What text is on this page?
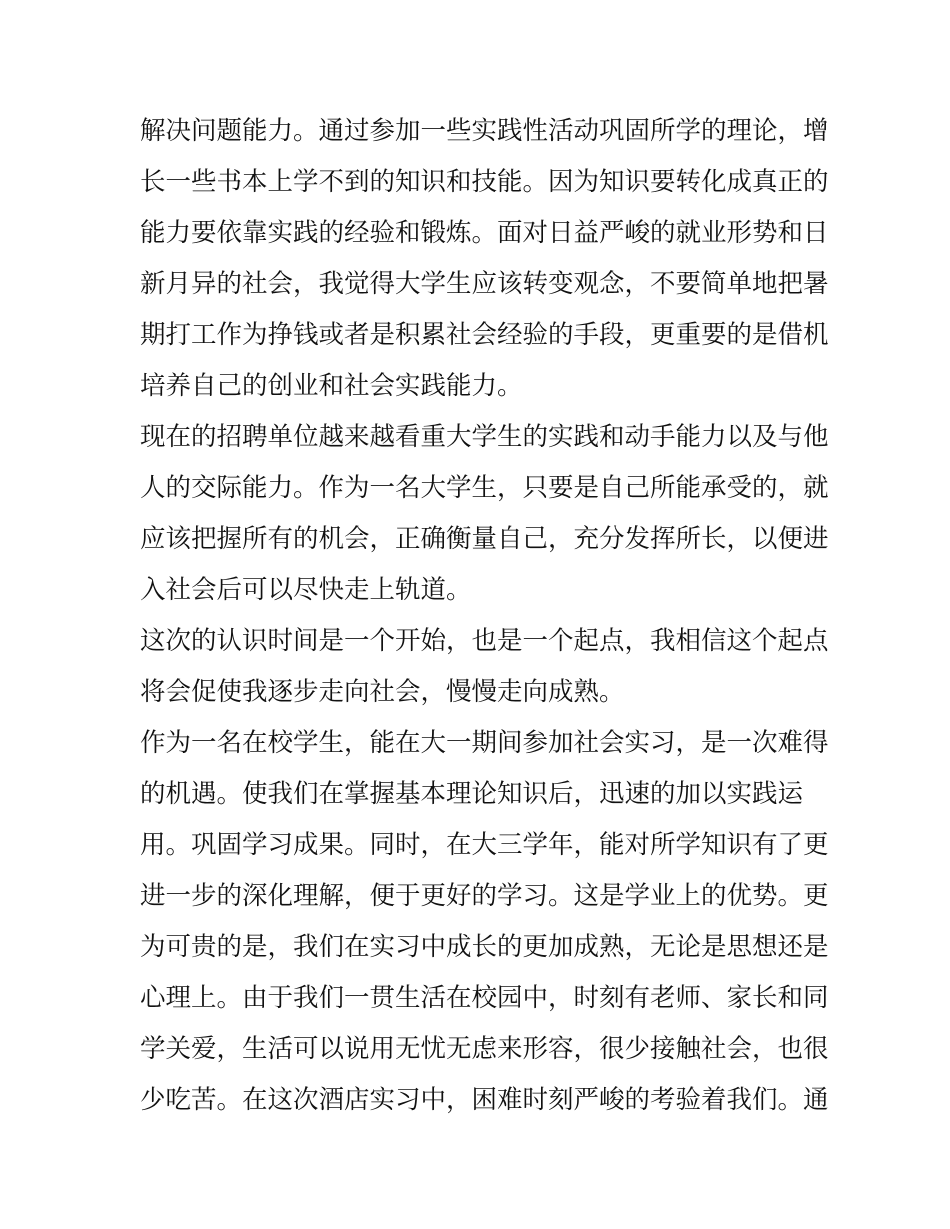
解决问题能力。通过参加一些实践性活动巩固所学的理论，增
长一些书本上学不到的知识和技能。因为知识要转化成真正的
能力要依靠实践的经验和锻炼。面对日益严峻的就业形势和日
新月异的社会，我觉得大学生应该转变观念，不要简单地把暑
期打工作为挣钱或者是积累社会经验的手段，更重要的是借机
培养自己的创业和社会实践能力。
现在的招聘单位越来越看重大学生的实践和动手能力以及与他
人的交际能力。作为一名大学生，只要是自己所能承受的，就
应该把握所有的机会，正确衡量自己，充分发挥所长，以便进
入社会后可以尽快走上轨道。
这次的认识时间是一个开始，也是一个起点，我相信这个起点
将会促使我逐步走向社会，慢慢走向成熟。
作为一名在校学生，能在大一期间参加社会实习，是一次难得
的机遇。使我们在掌握基本理论知识后，迅速的加以实践运
用。巩固学习成果。同时，在大三学年，能对所学知识有了更
进一步的深化理解，便于更好的学习。这是学业上的优势。更
为可贵的是，我们在实习中成长的更加成熟，无论是思想还是
心理上。由于我们一贯生活在校园中，时刻有老师、家长和同
学关爱，生活可以说用无忧无虑来形容，很少接触社会，也很
少吃苦。在这次酒店实习中，困难时刻严峻的考验着我们。通
